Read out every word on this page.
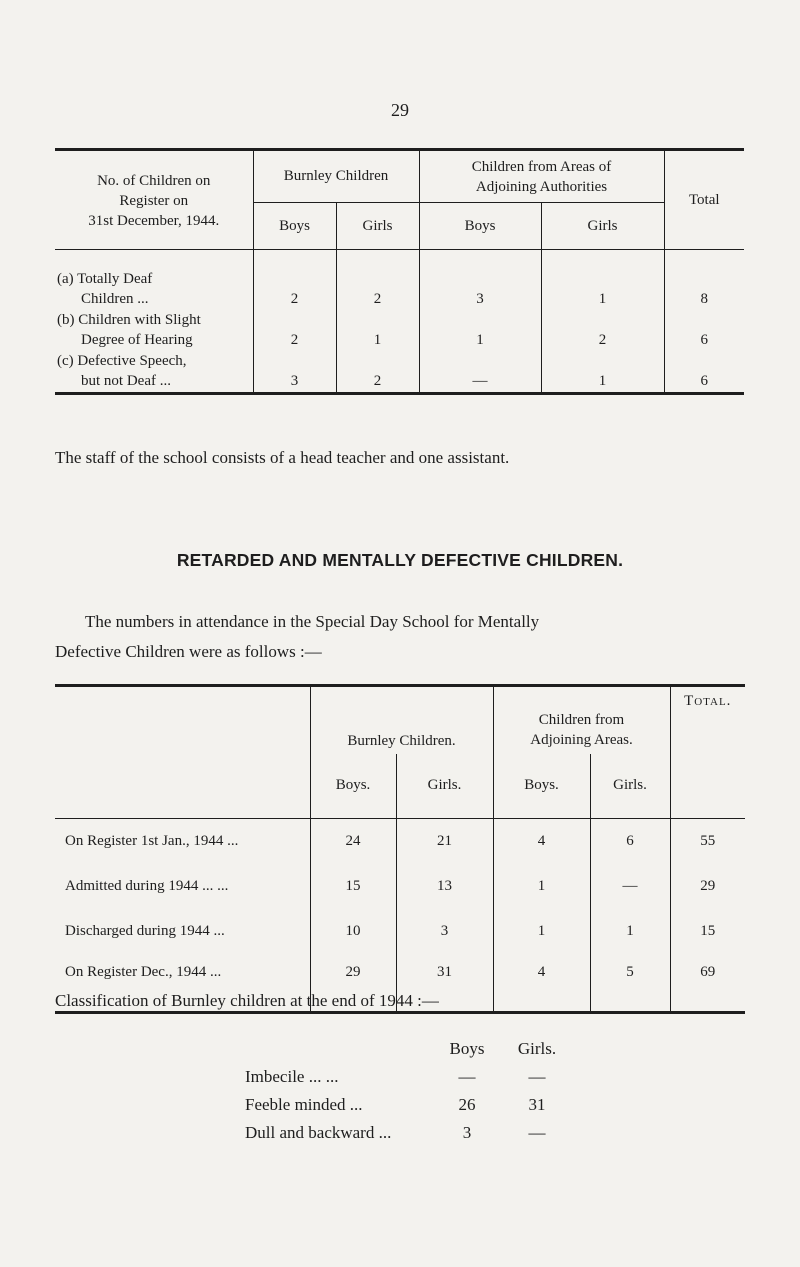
29
No. of Children on
Register on
31st December, 1944.	Burnley Children		Children from Areas of
Adjoining Authorities		Total
	Boys	Girls	Boys	Girls	
(a) Totally Deaf
Children ...	2	2	3	1	8
(b) Children with Slight
Degree of Hearing	2	1	1	2	6
(c) Defective Speech,
but not Deaf ...	3	2	—	1	6
The staff of the school consists of a head teacher and one assistant.
RETARDED AND MENTALLY DEFECTIVE CHILDREN.
The numbers in attendance in the Special Day School for Mentally
Defective Children were as follows :—
	Burnley Children.		Children from
Adjoining Areas.		Total.
	Boys.	Girls.	Boys.	Girls.	
On Register 1st Jan., 1944 ...	24	21	4	6	55
Admitted during 1944 ... ...	15	13	1	—	29
Discharged during 1944 ...	10	3	1	1	15
On Register Dec., 1944 ...	29	31	4	5	69
Classification of Burnley children at the end of 1944 :—
	Boys	Girls.
Imbecile ... ...	—	—
Feeble minded ...	26	31
Dull and backward ...	3	—
